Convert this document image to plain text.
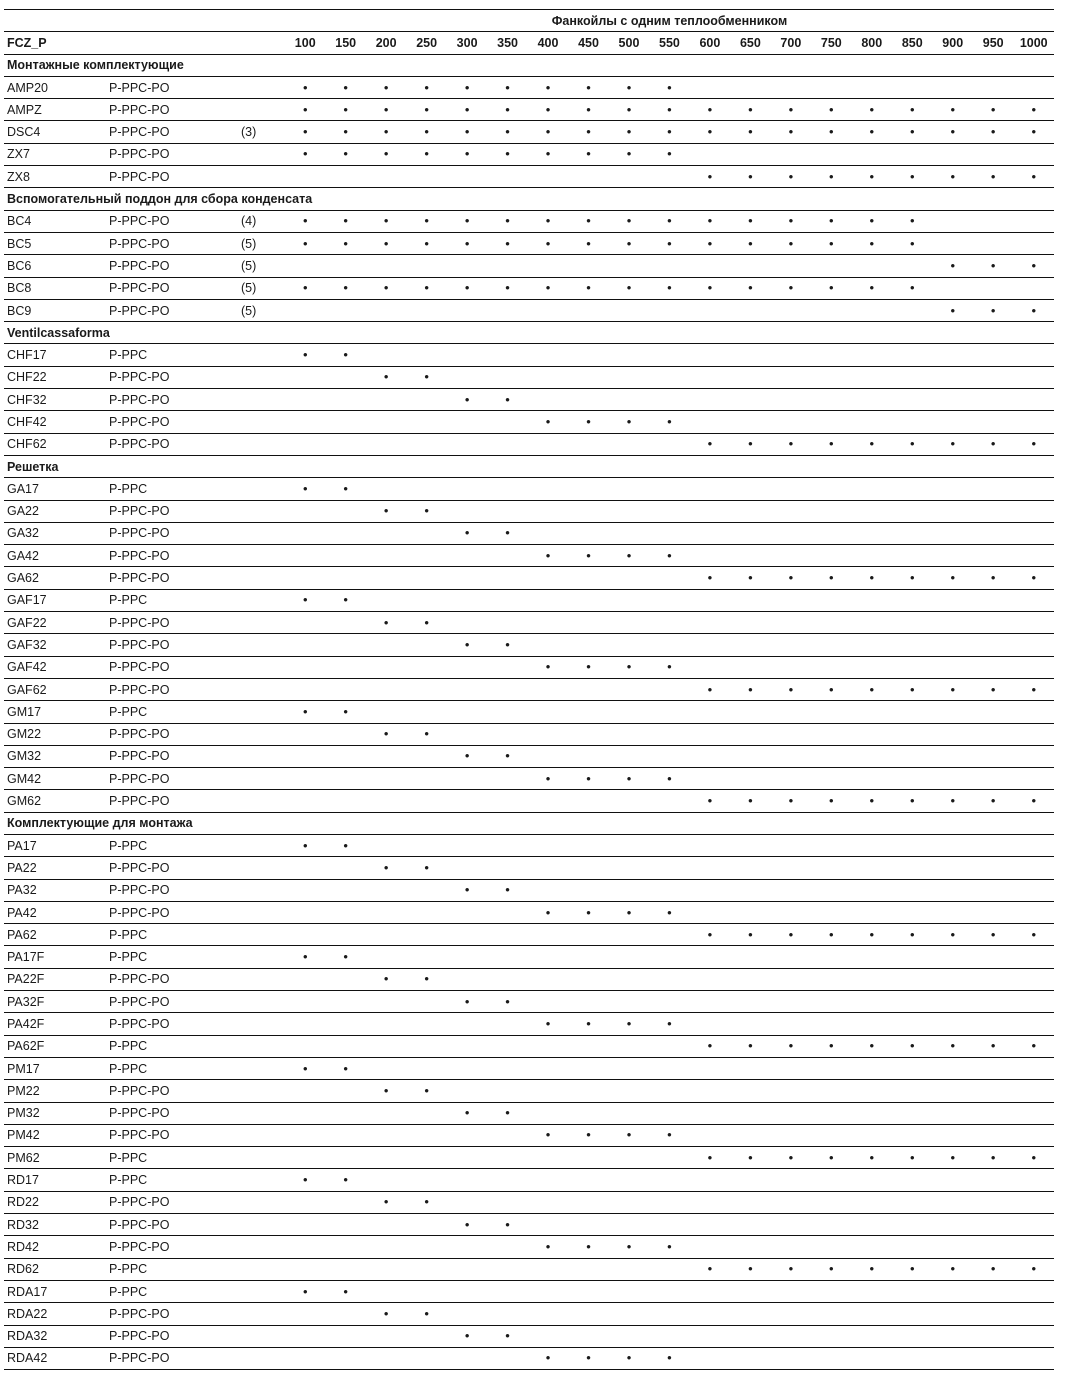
			Фанкойлы с одним теплообменником																		
FCZ_P			100	150	200	250	300	350	400	450	500	550	600	650	700	750	800	850	900	950	1000
Монтажные комплектующие																					
AMP20	P-PPC-PO		•	•	•	•	•	•	•	•	•	•									
AMPZ	P-PPC-PO		•	•	•	•	•	•	•	•	•	•	•	•	•	•	•	•	•	•	•
DSC4	P-PPC-PO	(3)	•	•	•	•	•	•	•	•	•	•	•	•	•	•	•	•	•	•	•
ZX7	P-PPC-PO		•	•	•	•	•	•	•	•	•	•									
ZX8	P-PPC-PO												•	•	•	•	•	•	•	•	•
Вспомогательный поддон для сбора конденсата																					
BC4	P-PPC-PO	(4)	•	•	•	•	•	•	•	•	•	•	•	•	•	•	•	•			
BC5	P-PPC-PO	(5)	•	•	•	•	•	•	•	•	•	•	•	•	•	•	•	•			
BC6	P-PPC-PO	(5)																	•	•	•
BC8	P-PPC-PO	(5)	•	•	•	•	•	•	•	•	•	•	•	•	•	•	•	•			
BC9	P-PPC-PO	(5)																	•	•	•
Ventilcassaforma																					
CHF17	P-PPC		•	•																	
CHF22	P-PPC-PO				•	•															
CHF32	P-PPC-PO						•	•													
CHF42	P-PPC-PO								•	•	•	•									
CHF62	P-PPC-PO												•	•	•	•	•	•	•	•	•
Решетка																					
GA17	P-PPC		•	•																	
GA22	P-PPC-PO				•	•															
GA32	P-PPC-PO						•	•													
GA42	P-PPC-PO								•	•	•	•									
GA62	P-PPC-PO												•	•	•	•	•	•	•	•	•
GAF17	P-PPC		•	•																	
GAF22	P-PPC-PO				•	•															
GAF32	P-PPC-PO						•	•													
GAF42	P-PPC-PO								•	•	•	•									
GAF62	P-PPC-PO												•	•	•	•	•	•	•	•	•
GM17	P-PPC		•	•																	
GM22	P-PPC-PO				•	•															
GM32	P-PPC-PO						•	•													
GM42	P-PPC-PO								•	•	•	•									
GM62	P-PPC-PO												•	•	•	•	•	•	•	•	•
Комплектующие для монтажа																					
PA17	P-PPC		•	•																	
PA22	P-PPC-PO				•	•															
PA32	P-PPC-PO						•	•													
PA42	P-PPC-PO								•	•	•	•									
PA62	P-PPC												•	•	•	•	•	•	•	•	•
PA17F	P-PPC		•	•																	
PA22F	P-PPC-PO				•	•															
PA32F	P-PPC-PO						•	•													
PA42F	P-PPC-PO								•	•	•	•									
PA62F	P-PPC												•	•	•	•	•	•	•	•	•
PM17	P-PPC		•	•																	
PM22	P-PPC-PO				•	•															
PM32	P-PPC-PO						•	•													
PM42	P-PPC-PO								•	•	•	•									
PM62	P-PPC												•	•	•	•	•	•	•	•	•
RD17	P-PPC		•	•																	
RD22	P-PPC-PO				•	•															
RD32	P-PPC-PO						•	•													
RD42	P-PPC-PO								•	•	•	•									
RD62	P-PPC												•	•	•	•	•	•	•	•	•
RDA17	P-PPC		•	•																	
RDA22	P-PPC-PO				•	•															
RDA32	P-PPC-PO						•	•													
RDA42	P-PPC-PO								•	•	•	•									
